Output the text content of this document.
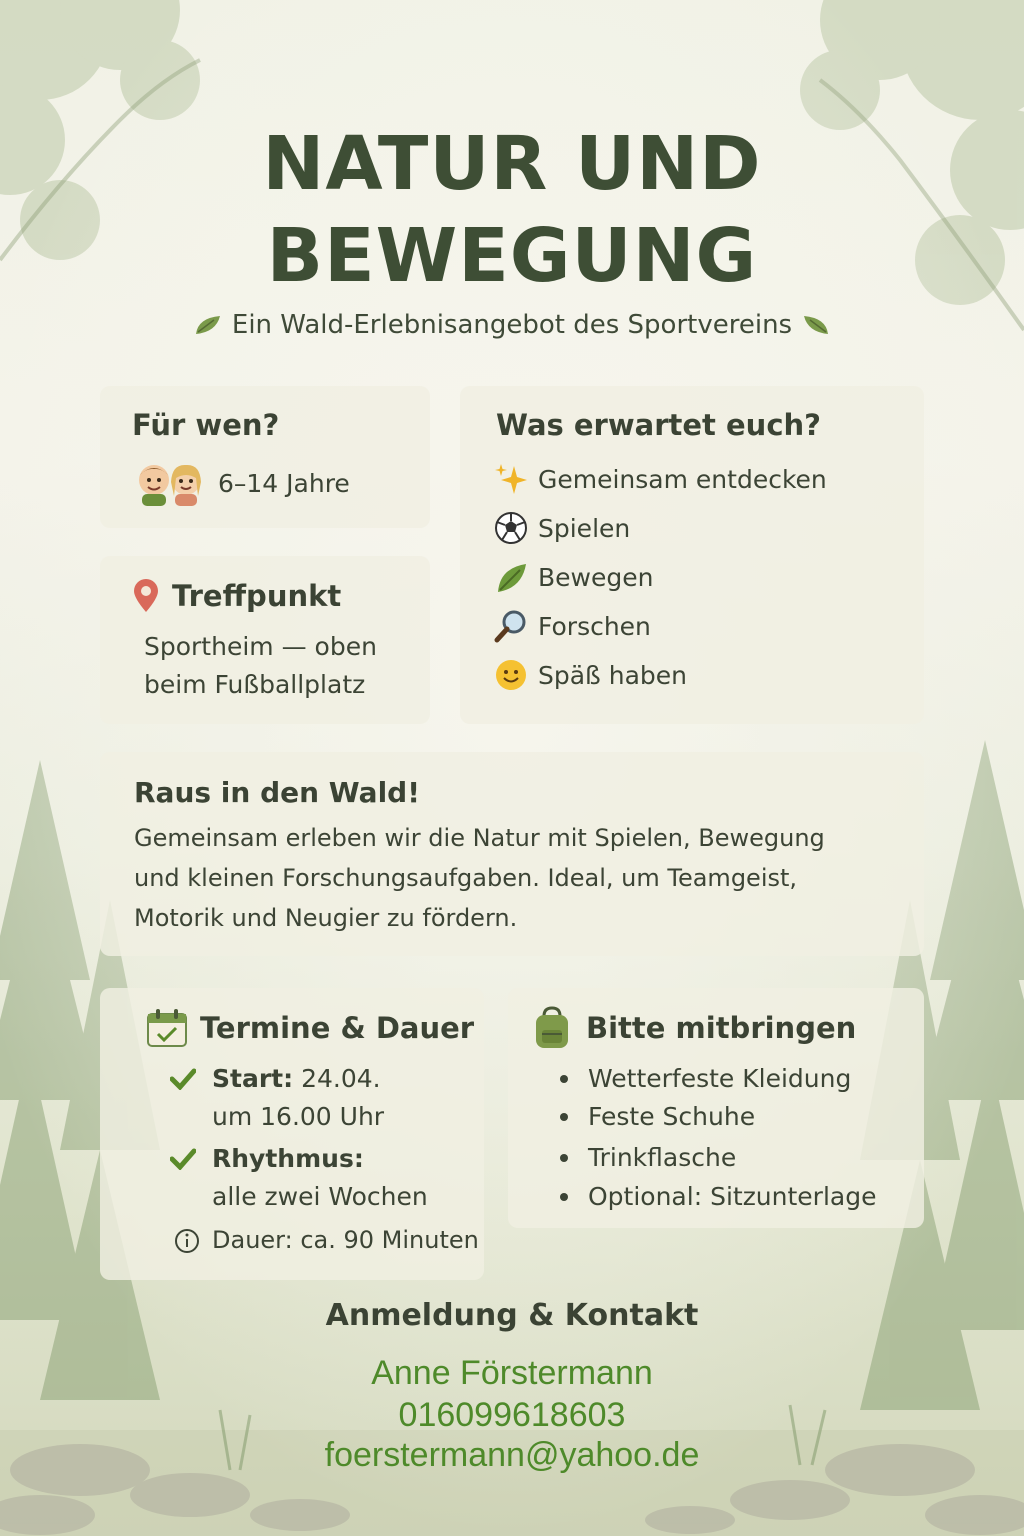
NATUR UND
BEWEGUNG
Ein Wald-Erlebnisangebot des Sportvereins
Für wen?
6–14 Jahre
Treffpunkt
Sportheim — oben
beim Fußballplatz
Was erwartet euch?
Gemeinsam entdecken
Spielen
Bewegen
Forschen
Späß haben
Raus in den Wald!
Gemeinsam erleben wir die Natur mit Spielen, Bewegung
und kleinen Forschungsaufgaben. Ideal, um Teamgeist,
Motorik und Neugier zu fördern.
Termine & Dauer
Start: 24.04.
um 16.00 Uhr
Rhythmus:
alle zwei Wochen
Dauer: ca. 90 Minuten
Bitte mitbringen
Wetterfeste Kleidung
Feste Schuhe
Trinkflasche
Optional: Sitzunterlage
Anmeldung & Kontakt
Anne Förstermann
016099618603
foerstermann@yahoo.de
